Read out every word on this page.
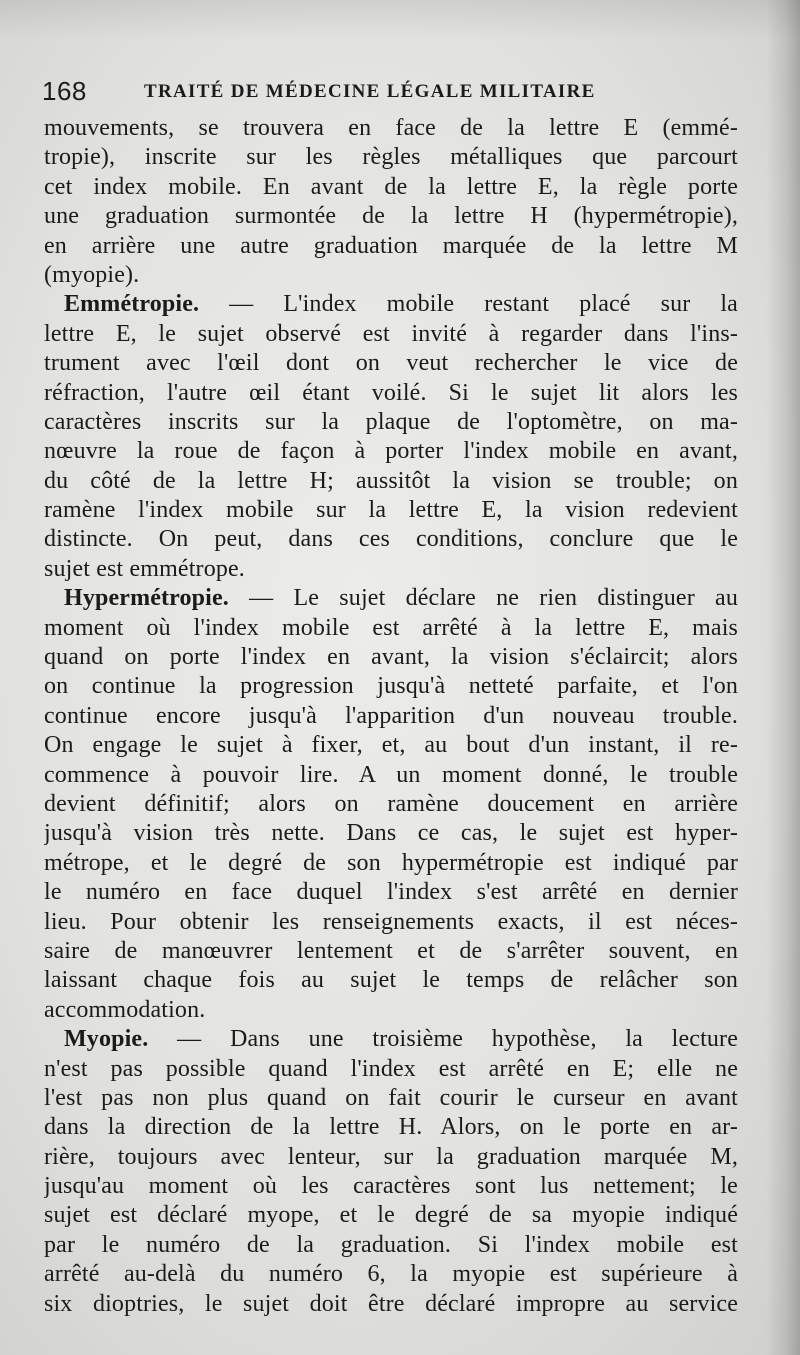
168	TRAITÉ DE MÉDECINE LÉGALE MILITAIRE
mouvements, se trouvera en face de la lettre E (emmé-
tropie), inscrite sur les règles métalliques que parcourt
cet index mobile. En avant de la lettre E, la règle porte
une graduation surmontée de la lettre H (hypermétropie),
en arrière une autre graduation marquée de la lettre M
(myopie).
Emmétropie. — L'index mobile restant placé sur la
lettre E, le sujet observé est invité à regarder dans l'ins-
trument avec l'œil dont on veut rechercher le vice de
réfraction, l'autre œil étant voilé. Si le sujet lit alors les
caractères inscrits sur la plaque de l'optomètre, on ma-
nœuvre la roue de façon à porter l'index mobile en avant,
du côté de la lettre H; aussitôt la vision se trouble; on
ramène l'index mobile sur la lettre E, la vision redevient
distincte. On peut, dans ces conditions, conclure que le
sujet est emmétrope.
Hypermétropie. — Le sujet déclare ne rien distinguer au
moment où l'index mobile est arrêté à la lettre E, mais
quand on porte l'index en avant, la vision s'éclaircit; alors
on continue la progression jusqu'à netteté parfaite, et l'on
continue encore jusqu'à l'apparition d'un nouveau trouble.
On engage le sujet à fixer, et, au bout d'un instant, il re-
commence à pouvoir lire. A un moment donné, le trouble
devient définitif; alors on ramène doucement en arrière
jusqu'à vision très nette. Dans ce cas, le sujet est hyper-
métrope, et le degré de son hypermétropie est indiqué par
le numéro en face duquel l'index s'est arrêté en dernier
lieu. Pour obtenir les renseignements exacts, il est néces-
saire de manœuvrer lentement et de s'arrêter souvent, en
laissant chaque fois au sujet le temps de relâcher son
accommodation.
Myopie. — Dans une troisième hypothèse, la lecture
n'est pas possible quand l'index est arrêté en E; elle ne
l'est pas non plus quand on fait courir le curseur en avant
dans la direction de la lettre H. Alors, on le porte en ar-
rière, toujours avec lenteur, sur la graduation marquée M,
jusqu'au moment où les caractères sont lus nettement; le
sujet est déclaré myope, et le degré de sa myopie indiqué
par le numéro de la graduation. Si l'index mobile est
arrêté au-delà du numéro 6, la myopie est supérieure à
six dioptries, le sujet doit être déclaré impropre au service
